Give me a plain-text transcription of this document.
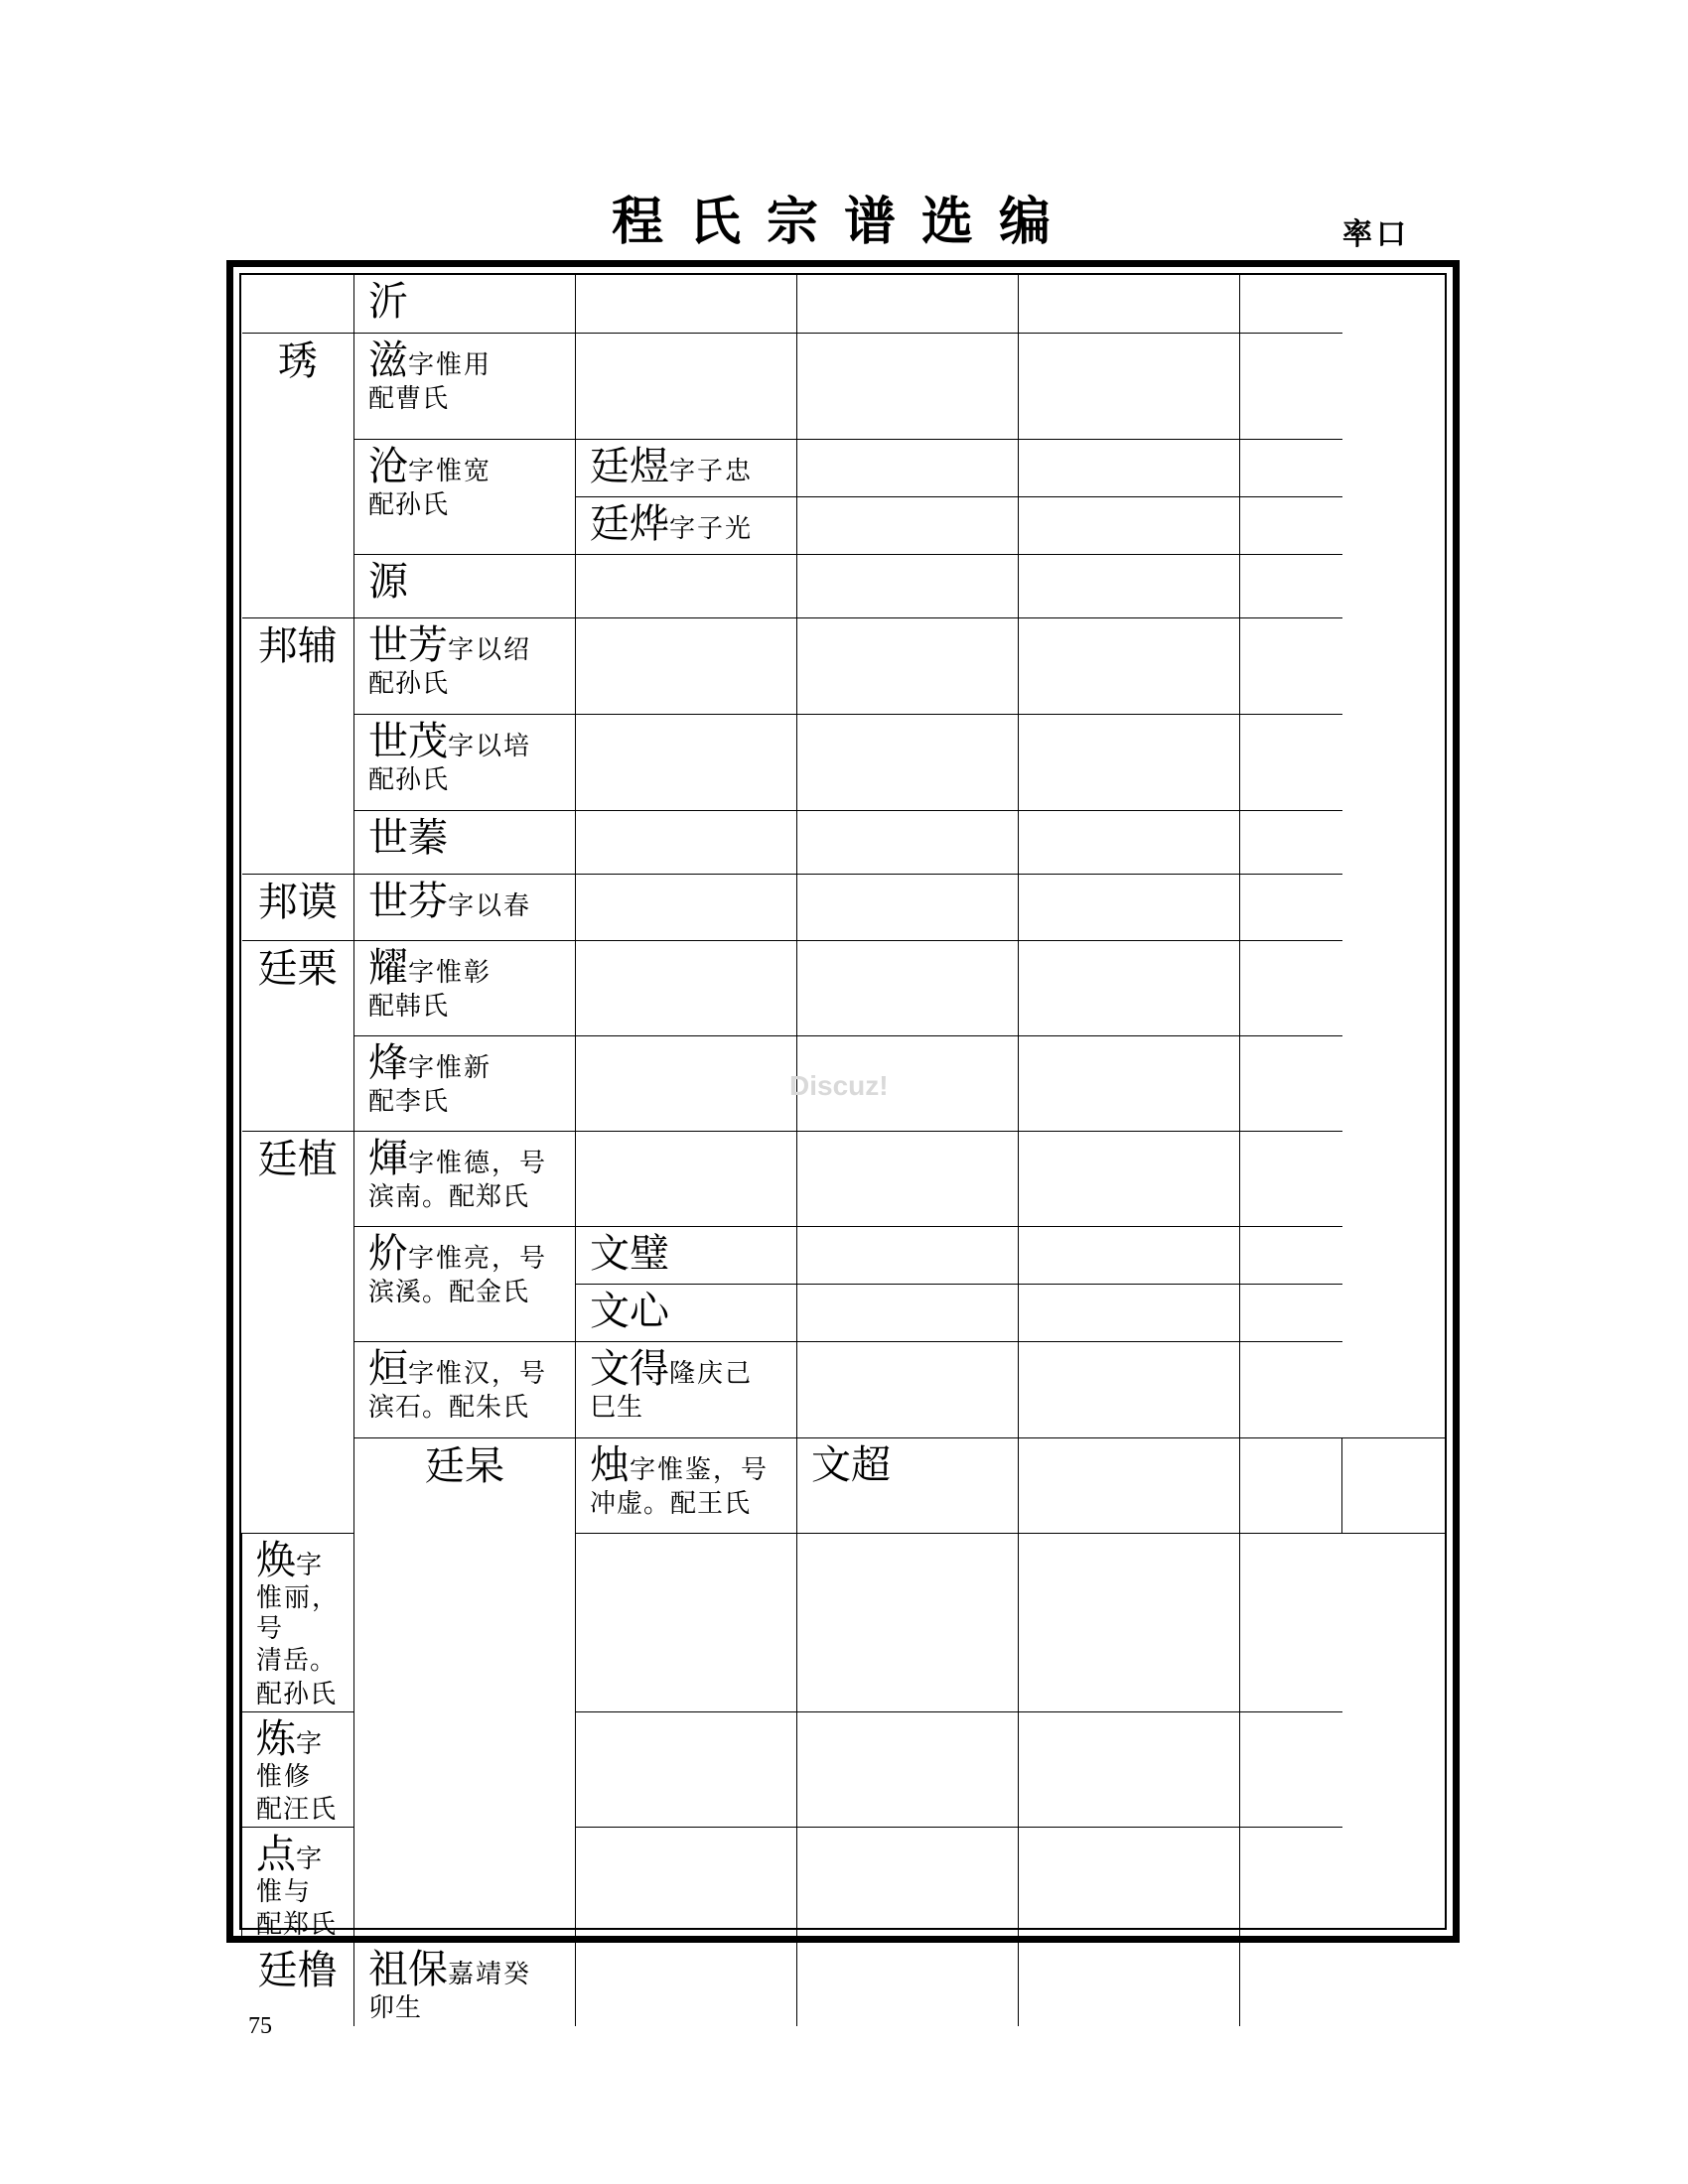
程氏宗谱选编	率口
	沂					
琇	滋字惟用
配曹氏					

	沧字惟宽
配孙氏	廷煜字子忠				
		廷烨字子光				
	源					
邦辅	世芳字以绍
配孙氏					

	世茂字以培
配孙氏					

	世蓁					
邦谟	世芬字以春					
廷栗	耀字惟彰
配韩氏					

	烽字惟新
配李氏					

廷植	煇字惟德，号
滨南。配郑氏					

	炌字惟亮，号
滨溪。配金氏	文璧				
		文心				
	烜字惟汉，号
滨石。配朱氏	文得隆庆己
巳生				

	廷杲	烛字惟鉴，号
冲虚。配王氏	文超			
焕字惟丽，号
清岳。配孙氏						

炼字惟修
配汪氏						

点字惟与
配郑氏						

廷橹	祖保嘉靖癸
卯生					

Discuz!
75
